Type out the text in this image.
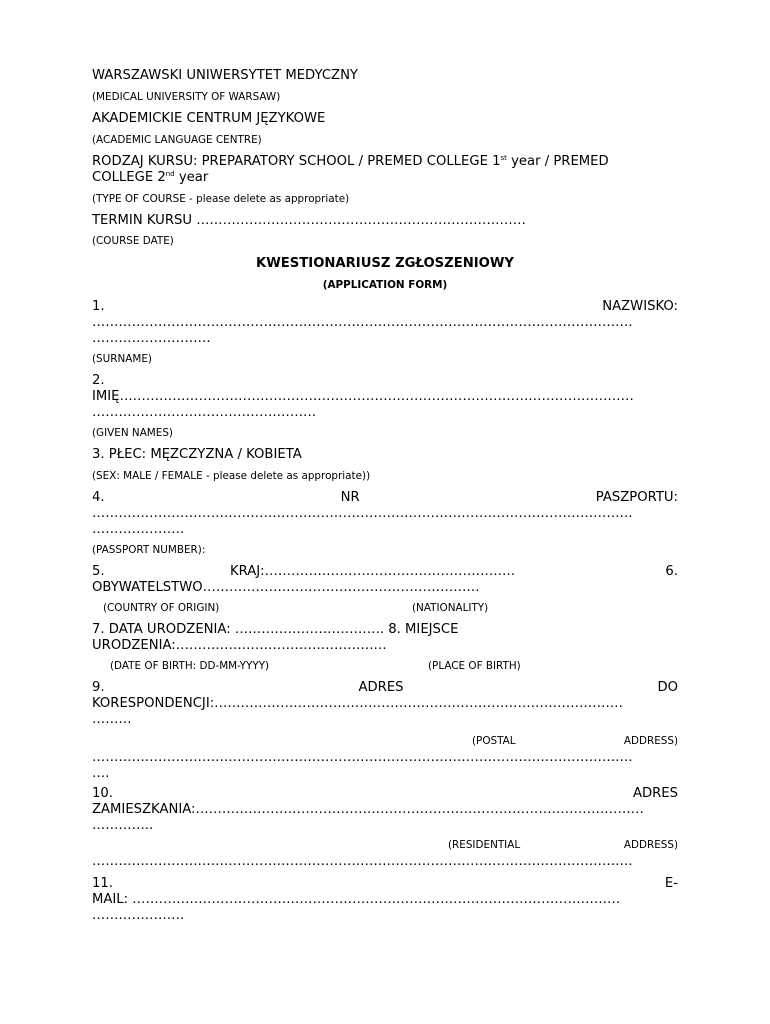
WARSZAWSKI UNIWERSYTET MEDYCZNY
(MEDICAL UNIVERSITY OF WARSAW)
AKADEMICKIE CENTRUM JĘZYKOWE
(ACADEMIC LANGUAGE CENTRE)
RODZAJ KURSU: PREPARATORY SCHOOL / PREMED COLLEGE 1st year / PREMED
COLLEGE 2nd year
(TYPE OF COURSE - please delete as appropriate)
TERMIN KURSU …………………………………………………………………
(COURSE DATE)
KWESTIONARIUSZ ZGŁOSZENIOWY
(APPLICATION FORM)
1.	NAZWISKO:
……………………………………………………………………………………………………………
………………………
(SURNAME)
2.
IMIĘ………………………………………………………………………………………………………
……………………………………………
(GIVEN NAMES)
3. PŁEĆ: MĘŻCZYZNA / KOBIETA
(SEX: MALE / FEMALE - please delete as appropriate))
4.	NR	PASZPORTU:
……………………………………………………………………………………………………………
…………………
(PASSPORT NUMBER):
5.	KRAJ:…………………………………………………	6.
OBYWATELSTWO………………………………………………………
(COUNTRY OF ORIGIN)	(NATIONALITY)
7. DATA URODZENIA: ……………………………. 8. MIEJSCE
URODZENIA:…………………………………………
(DATE OF BIRTH: DD-MM-YYYY)	(PLACE OF BIRTH)
9.	ADRES	DO
KORESPONDENCJI:…………………………………………………………………………………
………
(POSTAL	ADDRESS)
……………………………………………………………………………………………………………
….
10.	ADRES
ZAMIESZKANIA:…………………………………………………………………………………………
…………..
(RESIDENTIAL	ADDRESS)
……………………………………………………………………………………………………………
11.	E-
MAIL: …………………………………………………………………………………………………
…………………
